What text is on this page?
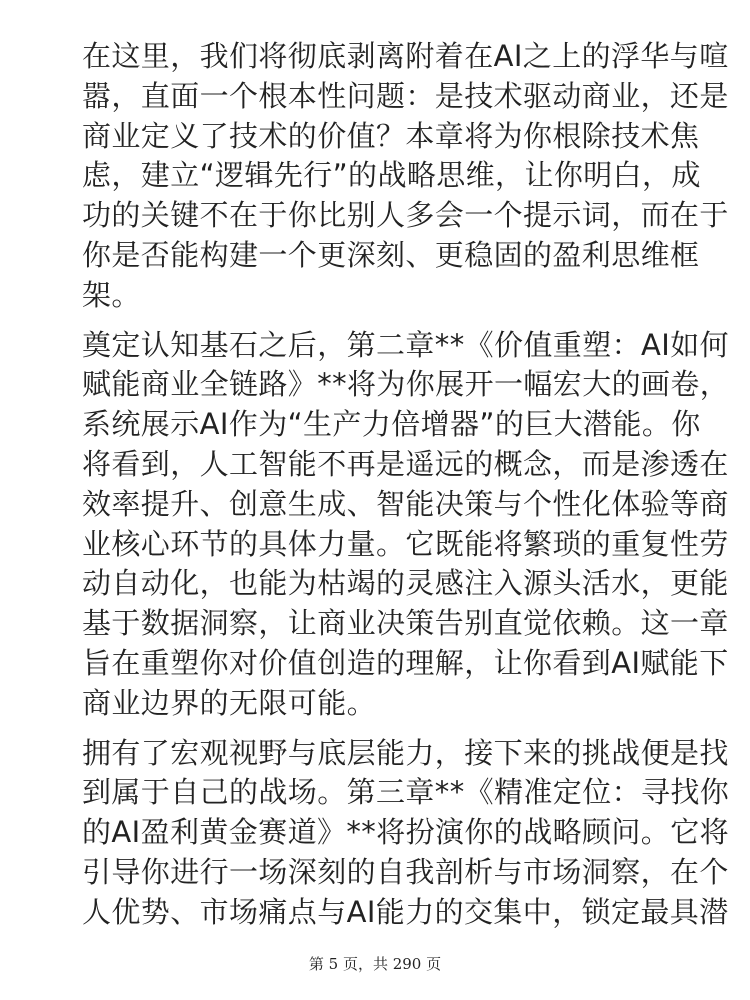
在这里，我们将彻底剥离附着在AI之上的浮华与喧
嚣，直面一个根本性问题：是技术驱动商业，还是
商业定义了技术的价值？本章将为你根除技术焦
虑，建立“逻辑先行”的战略思维，让你明白，成
功的关键不在于你比别人多会一个提示词，而在于
你是否能构建一个更深刻、更稳固的盈利思维框
架。

奠定认知基石之后，第二章**《价值重塑：AI如何
赋能商业全链路》**将为你展开一幅宏大的画卷，
系统展示AI作为“生产力倍增器”的巨大潜能。你
将看到，人工智能不再是遥远的概念，而是渗透在
效率提升、创意生成、智能决策与个性化体验等商
业核心环节的具体力量。它既能将繁琐的重复性劳
动自动化，也能为枯竭的灵感注入源头活水，更能
基于数据洞察，让商业决策告别直觉依赖。这一章
旨在重塑你对价值创造的理解，让你看到AI赋能下
商业边界的无限可能。

拥有了宏观视野与底层能力，接下来的挑战便是找
到属于自己的战场。第三章**《精准定位：寻找你
的AI盈利黄金赛道》**将扮演你的战略顾问。它将
引导你进行一场深刻的自我剖析与市场洞察，在个
人优势、市场痛点与AI能力的交集中，锁定最具潜

第 5 页，共 290 页
